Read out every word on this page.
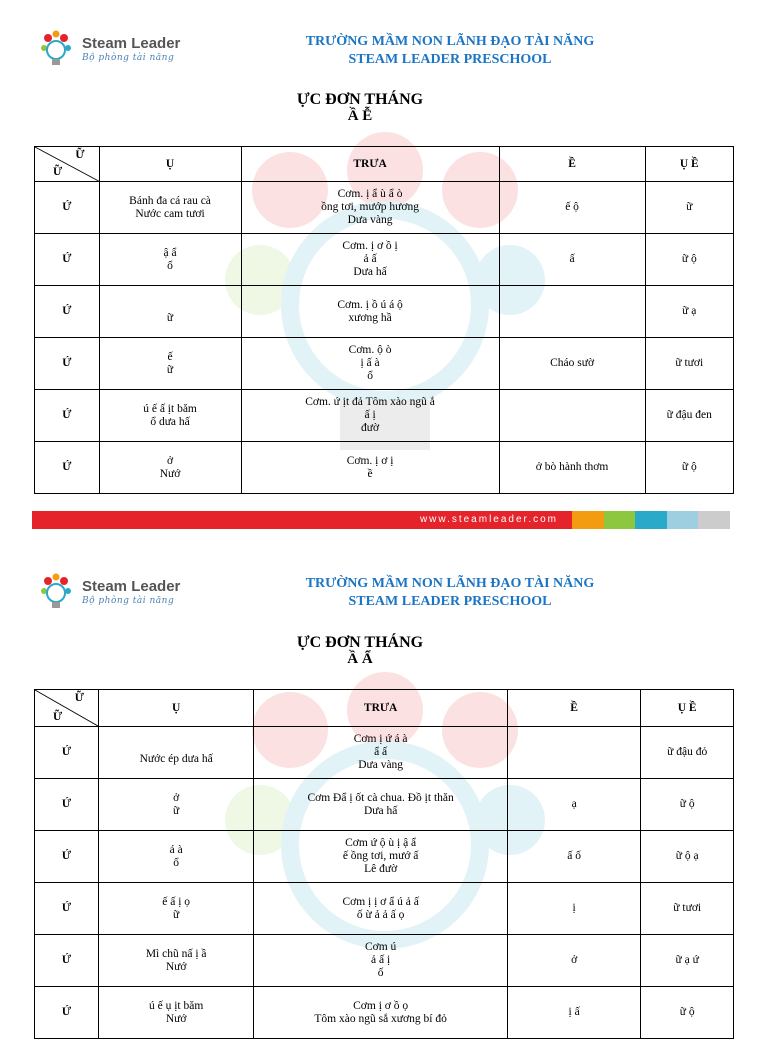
Steam Leader
Bộ phòng tài năng
TRƯỜNG MẦM NON LÃNH ĐẠO TÀI NĂNG
STEAM LEADER PRESCHOOL
ỰC ĐƠN THÁNG
Ầ Ễ
Ữ
Ữ	Ụ	TRƯA	Ề	Ụ Ề
Ứ	Bánh đa cá rau cà
Nước cam tươi	Cơm. ị ẩ ù ẩ ò
ồng tơi, mướp hương
Dưa vàng	ế ộ	ữ
Ứ	ậ ẩ
ổ	Cơm. ị ơ ồ ị
ả ấ
Dưa hấ	ấ	ữ ộ
Ứ	
ữ	Cơm. ị ồ ú á ộ
xương hầ		ữ ạ
Ứ	ế
ữ	Cơm. ộ ò
ị ấ à
ổ	Cháo sườ	ữ tươi
Ứ	ú ế ấ ịt băm
ổ dưa hấ	Cơm. ứ ịt đả Tôm xào ngũ ắ
ấ ị
đườ		ữ đậu đen
Ứ	ở
Nướ	Cơm. ị ơ ị
ề	ở bò hành thơm	ữ ộ
www.steamleader.com
Steam Leader
Bộ phòng tài năng
TRƯỜNG MẦM NON LÃNH ĐẠO TÀI NĂNG
STEAM LEADER PRESCHOOL
ỰC ĐƠN THÁNG
Ầ Ẩ
Ữ
Ữ	Ụ	TRƯA	Ề	Ụ Ề
Ứ	
Nước ép dưa hấ	Cơm ị ứ á à
ẩ ấ
Dưa vàng		ữ đậu đỏ
Ứ	ở
ữ	Cơm Đẩ ị ốt cà chua. Đồ ịt thăn
Dưa hấ	ạ	ữ ộ
Ứ	á à
ổ	Cơm ứ ộ ù ị ậ ẩ
ế ồng tơi, mướ ấ
Lê đườ	ấ ố	ữ ộ ạ
Ứ	ế ấ ị ọ
ữ	Cơm ị ị ơ ẩ ú ả ấ
ố ừ ả ả ấ ọ	ị	ữ tươi
Ứ	Mì chũ nấ ị ầ
Nướ	Cơm ú
ả ấ ị
ố	ở	ữ ạ ứ
Ứ	ú ế ụ ịt băm
Nướ	Cơm ị ơ ồ ọ
Tôm xào ngũ sắ xương bí đỏ	ị ấ	ữ ộ
